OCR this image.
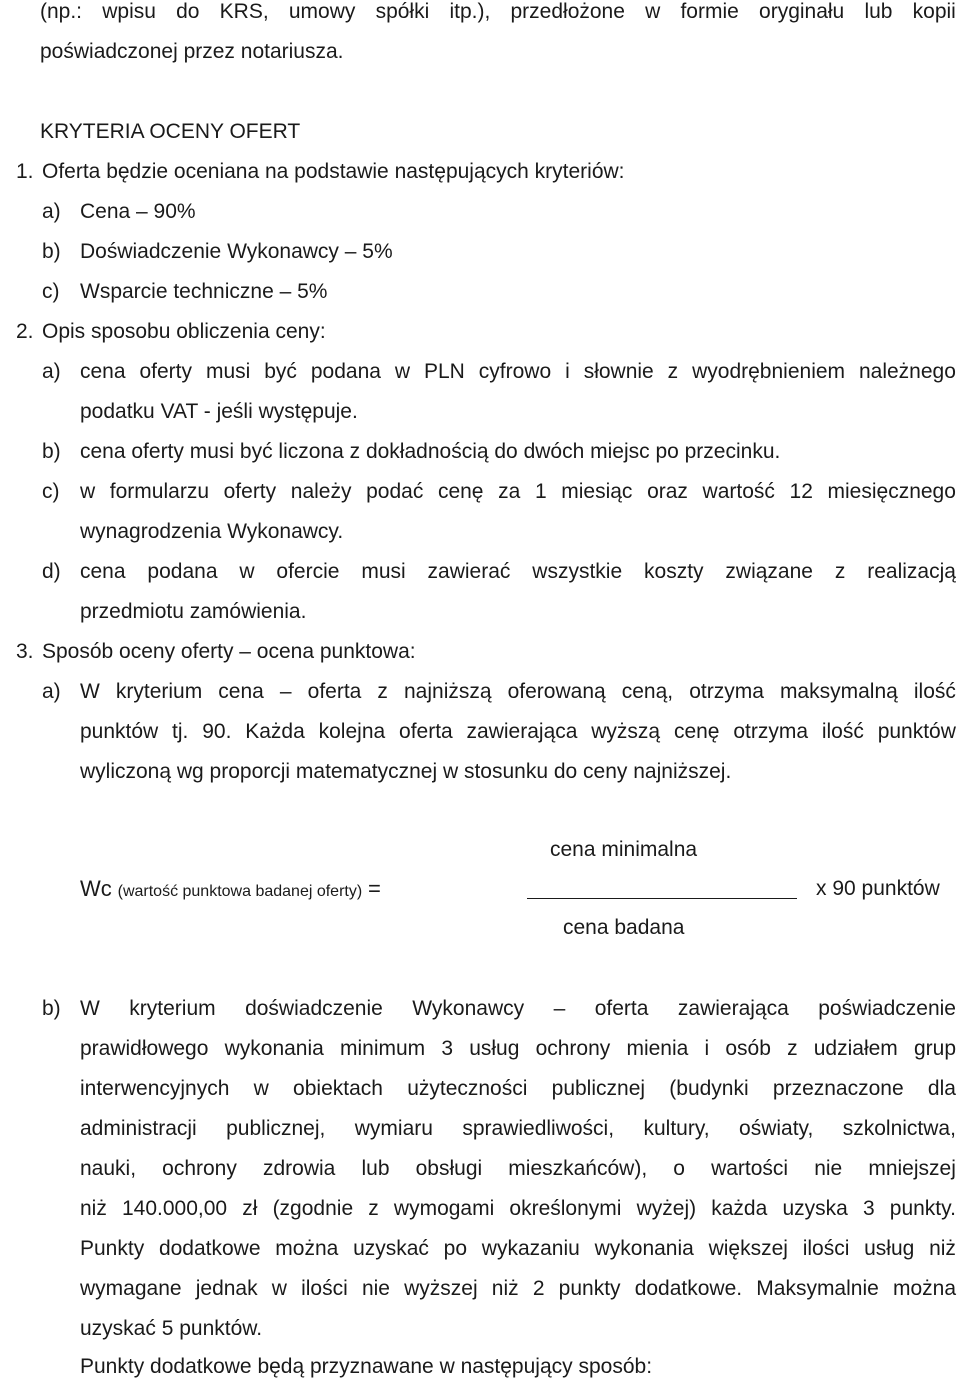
(np.: wpisu do KRS, umowy spółki itp.), przedłożone w formie oryginału lub kopii
poświadczonej przez notariusza.
KRYTERIA OCENY OFERT
1. Oferta będzie oceniana na podstawie następujących kryteriów:
a) Cena – 90%
b) Doświadczenie Wykonawcy – 5%
c) Wsparcie techniczne – 5%
2. Opis sposobu obliczenia ceny:
a) cena oferty musi być podana w PLN cyfrowo i słownie z wyodrębnieniem należnego
podatku VAT - jeśli występuje.
b) cena oferty musi być liczona z dokładnością do dwóch miejsc po przecinku.
c) w formularzu oferty należy podać cenę za 1 miesiąc oraz wartość 12 miesięcznego
wynagrodzenia Wykonawcy.
d) cena podana w ofercie musi zawierać wszystkie koszty związane z realizacją
przedmiotu zamówienia.
3. Sposób oceny oferty – ocena punktowa:
a) W kryterium cena – oferta z najniższą oferowaną ceną, otrzyma maksymalną ilość
punktów tj. 90. Każda kolejna oferta zawierająca wyższą cenę otrzyma ilość punktów
wyliczoną wg proporcji matematycznej w stosunku do ceny najniższej.
cena minimalna
Wc (wartość punktowa badanej oferty) =	x 90 punktów
cena badana
b) W kryterium doświadczenie Wykonawcy – oferta zawierająca poświadczenie
prawidłowego wykonania minimum 3 usług ochrony mienia i osób z udziałem grup
interwencyjnych w obiektach użyteczności publicznej (budynki przeznaczone dla
administracji publicznej, wymiaru sprawiedliwości, kultury, oświaty, szkolnictwa,
nauki, ochrony zdrowia lub obsługi mieszkańców), o wartości nie mniejszej
niż 140.000,00 zł (zgodnie z wymogami określonymi wyżej) każda uzyska 3 punkty.
Punkty dodatkowe można uzyskać po wykazaniu wykonania większej ilości usług niż
wymagane jednak w ilości nie wyższej niż 2 punkty dodatkowe. Maksymalnie można
uzyskać 5 punktów.
Punkty dodatkowe będą przyznawane w następujący sposób:
